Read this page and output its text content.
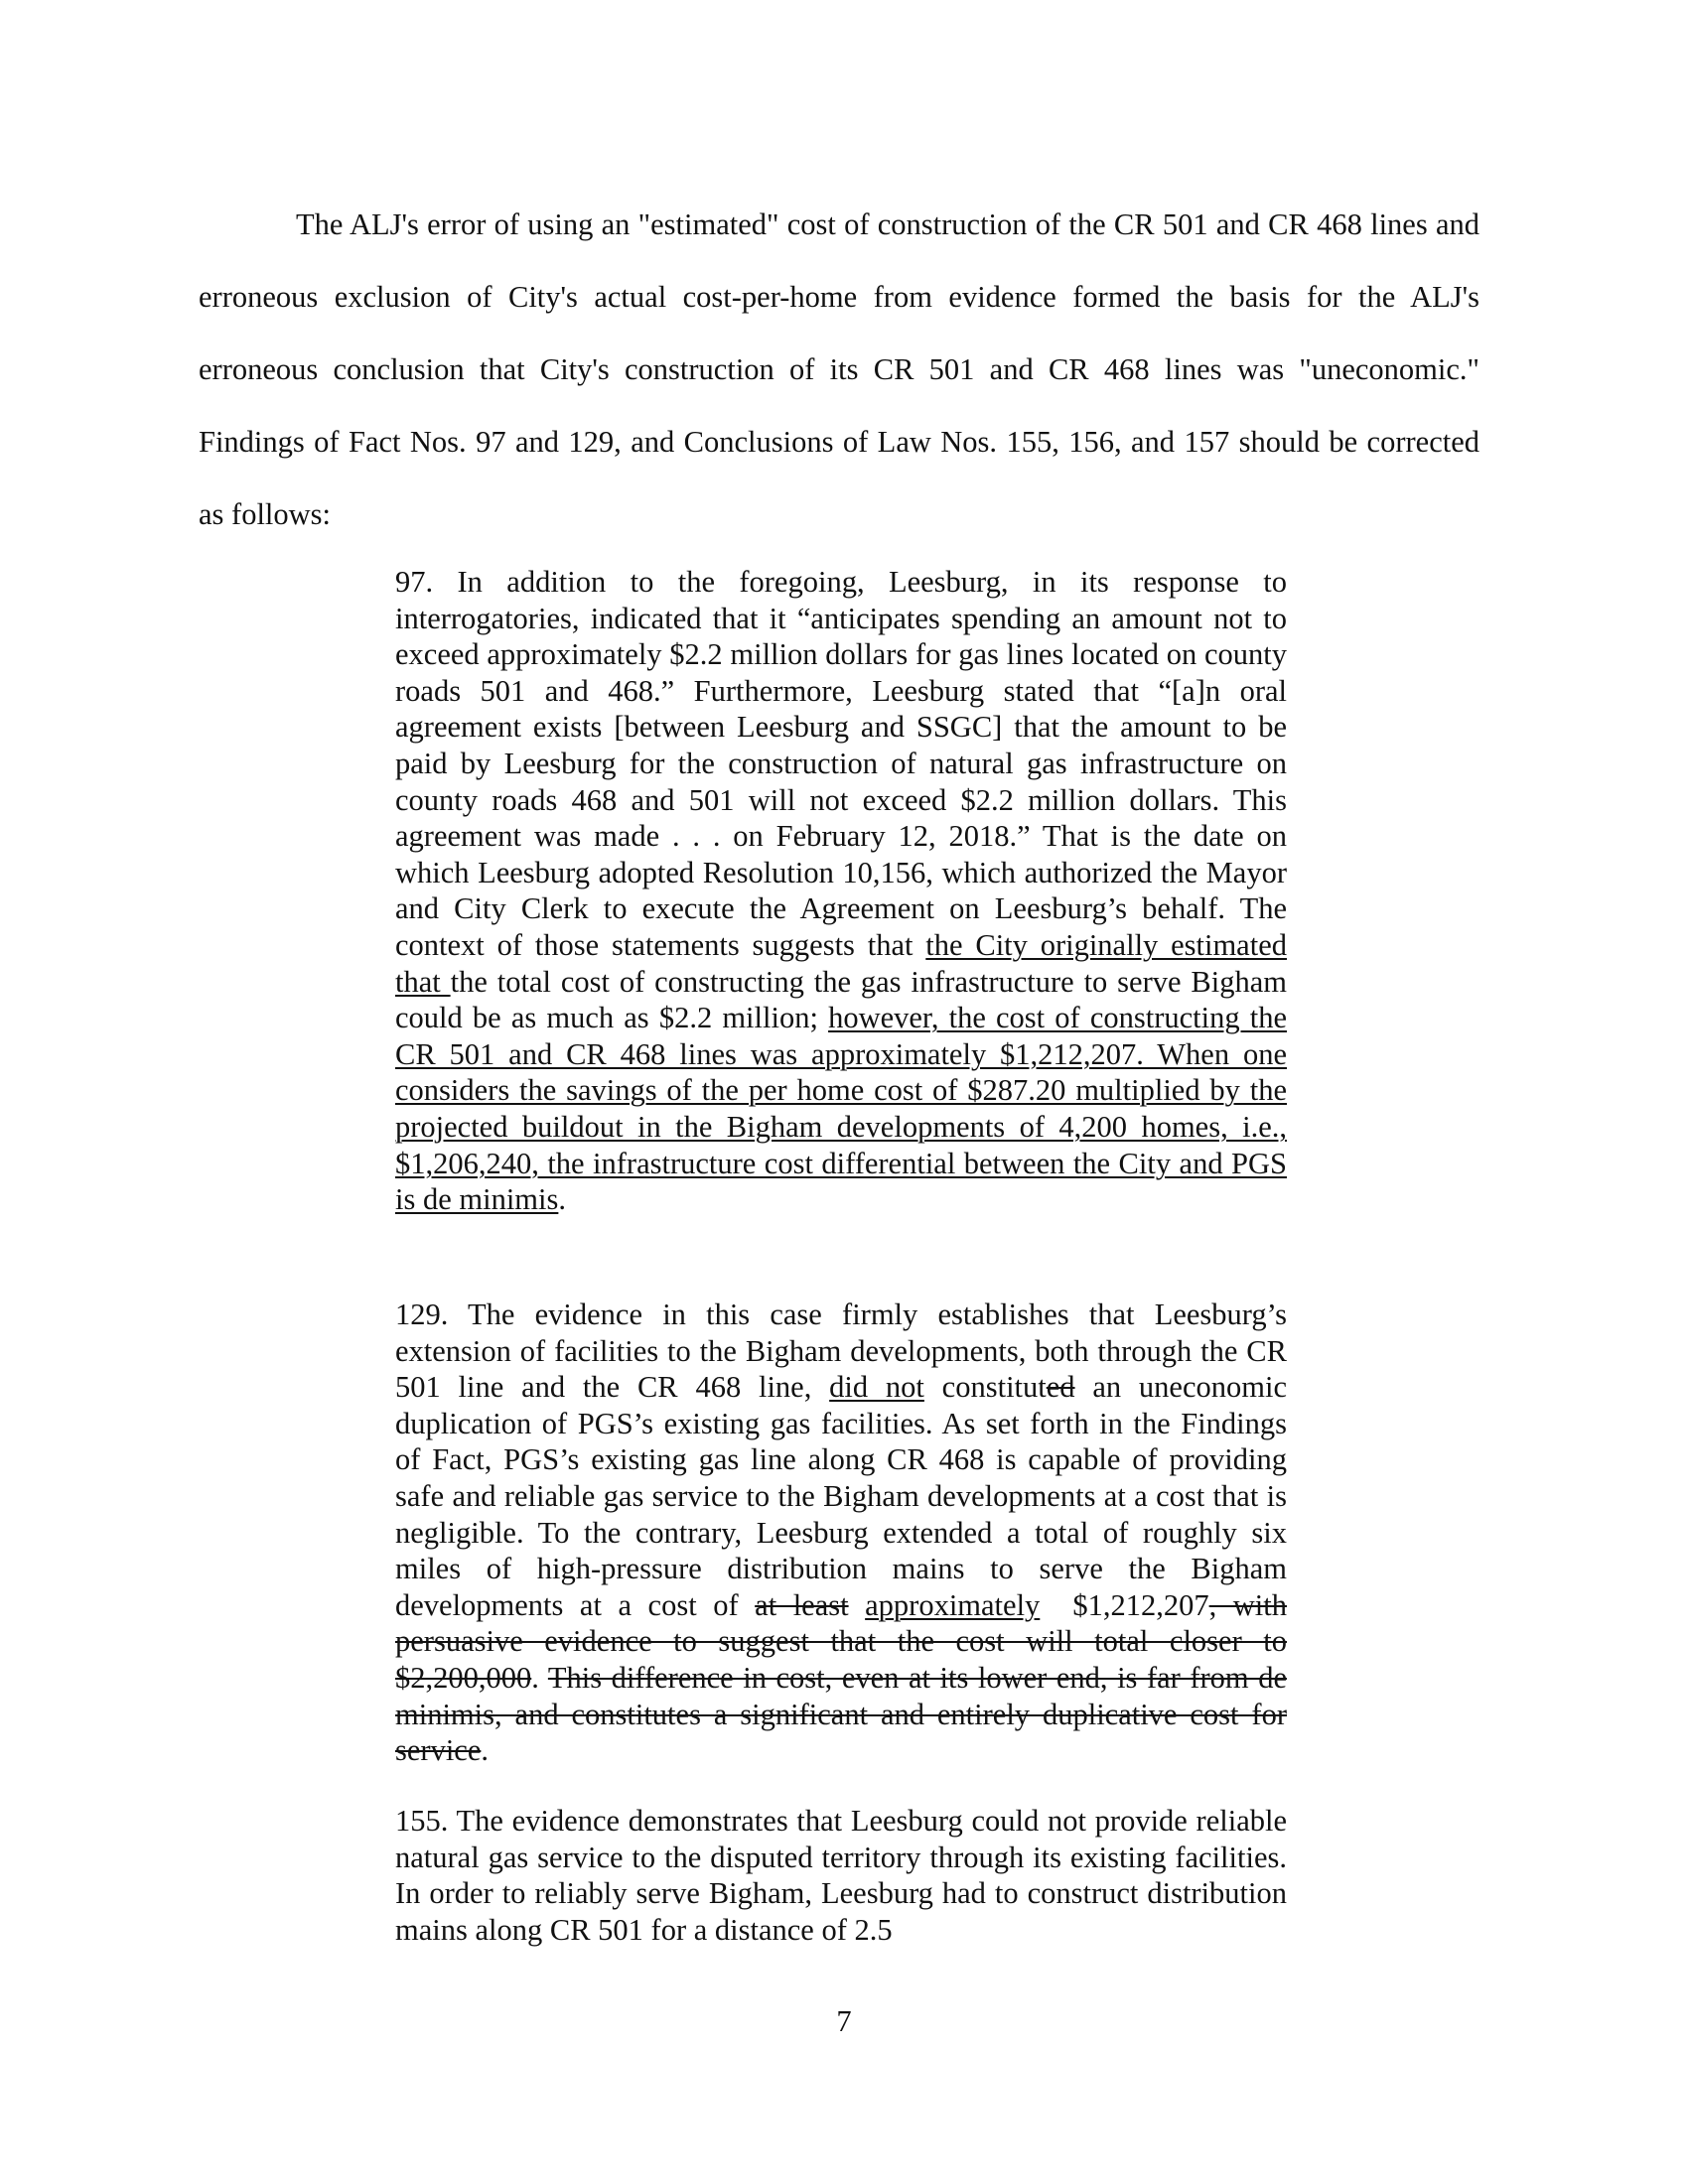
The ALJ's error of using an "estimated" cost of construction of the CR 501 and CR 468 lines and erroneous exclusion of City's actual cost-per-home from evidence formed the basis for the ALJ's erroneous conclusion that City's construction of its CR 501 and CR 468 lines was "uneconomic." Findings of Fact Nos. 97 and 129, and Conclusions of Law Nos. 155, 156, and 157 should be corrected as follows:

97. In addition to the foregoing, Leesburg, in its response to interrogatories, indicated that it “anticipates spending an amount not to exceed approximately $2.2 million dollars for gas lines located on county roads 501 and 468.” Furthermore, Leesburg stated that “[a]n oral agreement exists [between Leesburg and SSGC] that the amount to be paid by Leesburg for the construction of natural gas infrastructure on county roads 468 and 501 will not exceed $2.2 million dollars. This agreement was made . . . on February 12, 2018.” That is the date on which Leesburg adopted Resolution 10,156, which authorized the Mayor and City Clerk to execute the Agreement on Leesburg’s behalf. The context of those statements suggests that the City originally estimated that the total cost of constructing the gas infrastructure to serve Bigham could be as much as $2.2 million; however, the cost of constructing the CR 501 and CR 468 lines was approximately $1,212,207. When one considers the savings of the per home cost of $287.20 multiplied by the projected buildout in the Bigham developments of 4,200 homes, i.e., $1,206,240, the infrastructure cost differential between the City and PGS is de minimis.

129. The evidence in this case firmly establishes that Leesburg’s extension of facilities to the Bigham developments, both through the CR 501 line and the CR 468 line, did not constituted an uneconomic duplication of PGS’s existing gas facilities. As set forth in the Findings of Fact, PGS’s existing gas line along CR 468 is capable of providing safe and reliable gas service to the Bigham developments at a cost that is negligible. To the contrary, Leesburg extended a total of roughly six miles of high-pressure distribution mains to serve the Bigham developments at a cost of at least approximately  $1,212,207, with persuasive evidence to suggest that the cost will total closer to $2,200,000. This difference in cost, even at its lower end, is far from de minimis, and constitutes a significant and entirely duplicative cost for service.

155. The evidence demonstrates that Leesburg could not provide reliable natural gas service to the disputed territory through its existing facilities. In order to reliably serve Bigham, Leesburg had to construct distribution mains along CR 501 for a distance of 2.5

7
